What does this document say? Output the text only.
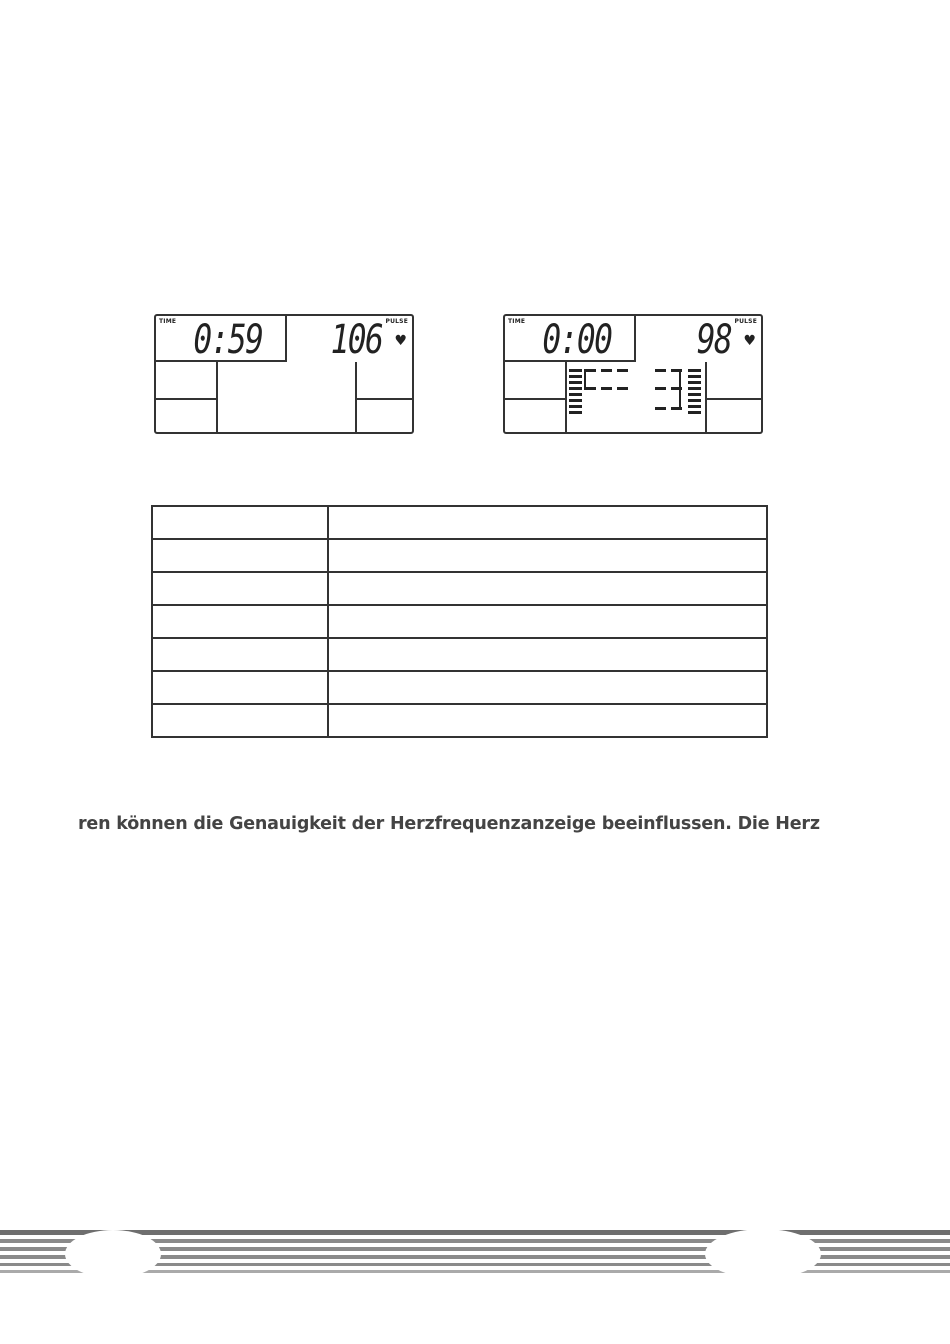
TIME 0:59	PULSE
106 ♥
TIME 0:00	PULSE
98 ♥

ren können die Genauigkeit der Herzfrequenzanzeige beeinflussen. Die Herz
